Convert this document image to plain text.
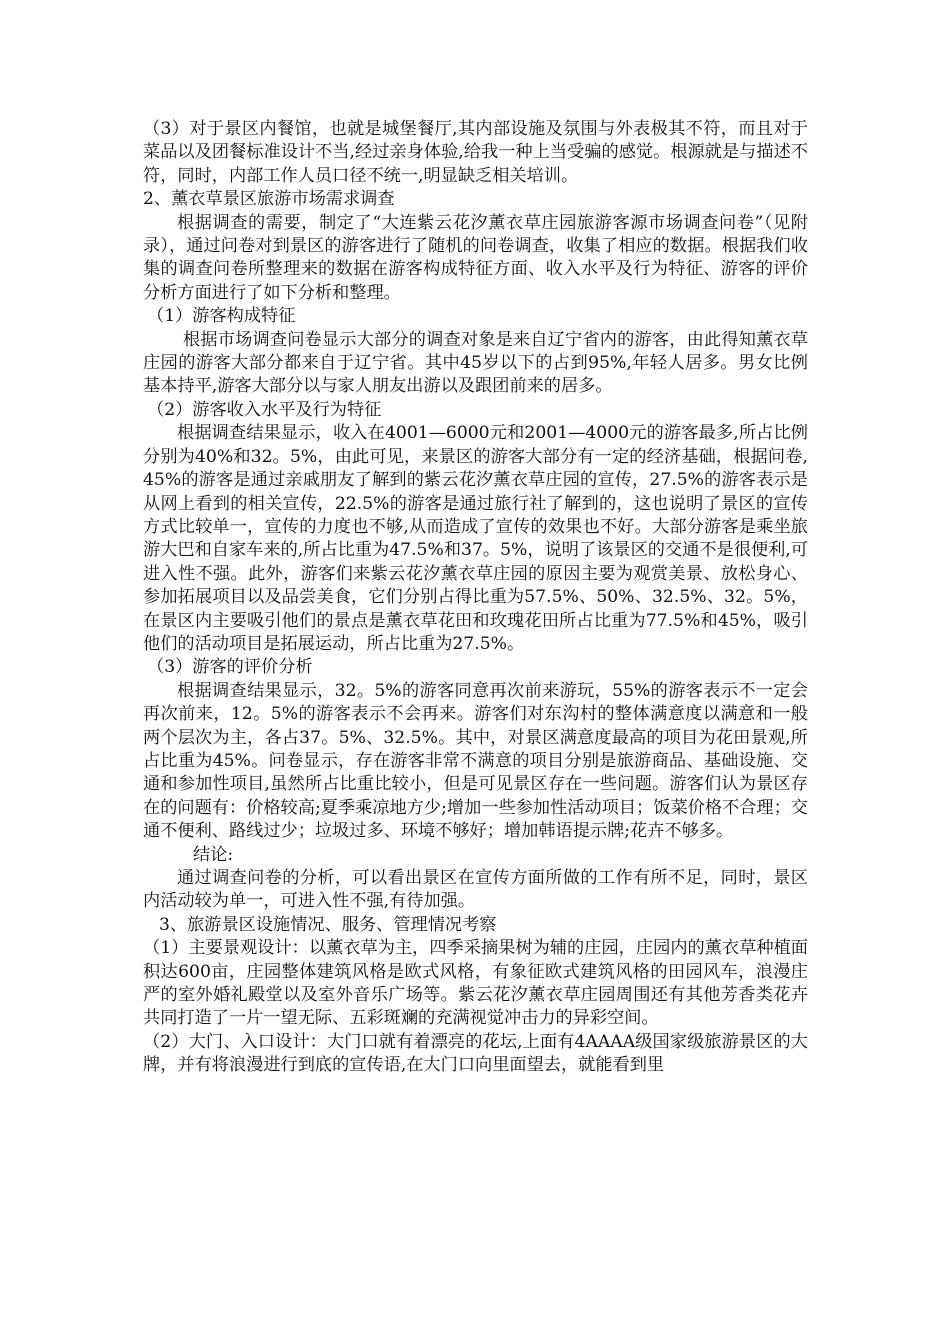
（3）对于景区内餐馆，也就是城堡餐厅,其内部设施及氛围与外表极其不符，而且对于菜品以及团餐标准设计不当,经过亲身体验,给我一种上当受骗的感觉。根源就是与描述不符，同时，内部工作人员口径不统一,明显缺乏相关培训。

2、薰衣草景区旅游市场需求调查

根据调查的需要，制定了“大连紫云花汐薰衣草庄园旅游客源市场调查问卷”（见附录），通过问卷对到景区的游客进行了随机的问卷调查，收集了相应的数据。根据我们收集的调查问卷所整理来的数据在游客构成特征方面、收入水平及行为特征、游客的评价分析方面进行了如下分析和整理。

（1）游客构成特征

根据市场调查问卷显示大部分的调查对象是来自辽宁省内的游客，由此得知薰衣草庄园的游客大部分都来自于辽宁省。其中45岁以下的占到95%,年轻人居多。男女比例基本持平,游客大部分以与家人朋友出游以及跟团前来的居多。

（2）游客收入水平及行为特征

根据调查结果显示，收入在4001—6000元和2001—4000元的游客最多,所占比例分别为40%和32。5%，由此可见，来景区的游客大部分有一定的经济基础，根据问卷,45%的游客是通过亲戚朋友了解到的紫云花汐薰衣草庄园的宣传，27.5%的游客表示是从网上看到的相关宣传，22.5%的游客是通过旅行社了解到的，这也说明了景区的宣传方式比较单一，宣传的力度也不够,从而造成了宣传的效果也不好。大部分游客是乘坐旅游大巴和自家车来的,所占比重为47.5%和37。5%，说明了该景区的交通不是很便利,可进入性不强。此外，游客们来紫云花汐薰衣草庄园的原因主要为观赏美景、放松身心、参加拓展项目以及品尝美食，它们分别占得比重为57.5%、50%、32.5%、32。5%，在景区内主要吸引他们的景点是薰衣草花田和玫瑰花田所占比重为77.5%和45%，吸引他们的活动项目是拓展运动，所占比重为27.5%。

（3）游客的评价分析

根据调查结果显示，32。5%的游客同意再次前来游玩，55%的游客表示不一定会再次前来，12。5%的游客表示不会再来。游客们对东沟村的整体满意度以满意和一般两个层次为主，各占37。5%、32.5%。其中，对景区满意度最高的项目为花田景观,所占比重为45%。问卷显示，存在游客非常不满意的项目分别是旅游商品、基础设施、交通和参加性项目,虽然所占比重比较小，但是可见景区存在一些问题。游客们认为景区存在的问题有：价格较高;夏季乘凉地方少;增加一些参加性活动项目；饭菜价格不合理；交通不便利、路线过少；垃圾过多、环境不够好；增加韩语提示牌;花卉不够多。

结论:

通过调查问卷的分析，可以看出景区在宣传方面所做的工作有所不足，同时，景区内活动较为单一，可进入性不强,有待加强。

3、旅游景区设施情况、服务、管理情况考察

（1）主要景观设计：以薰衣草为主，四季采摘果树为辅的庄园，庄园内的薰衣草种植面积达600亩，庄园整体建筑风格是欧式风格，有象征欧式建筑风格的田园风车，浪漫庄严的室外婚礼殿堂以及室外音乐广场等。紫云花汐薰衣草庄园周围还有其他芳香类花卉共同打造了一片一望无际、五彩斑斓的充满视觉冲击力的异彩空间。

（2）大门、入口设计：大门口就有着漂亮的花坛,上面有4AAAA级国家级旅游景区的大牌，并有将浪漫进行到底的宣传语,在大门口向里面望去，就能看到里
